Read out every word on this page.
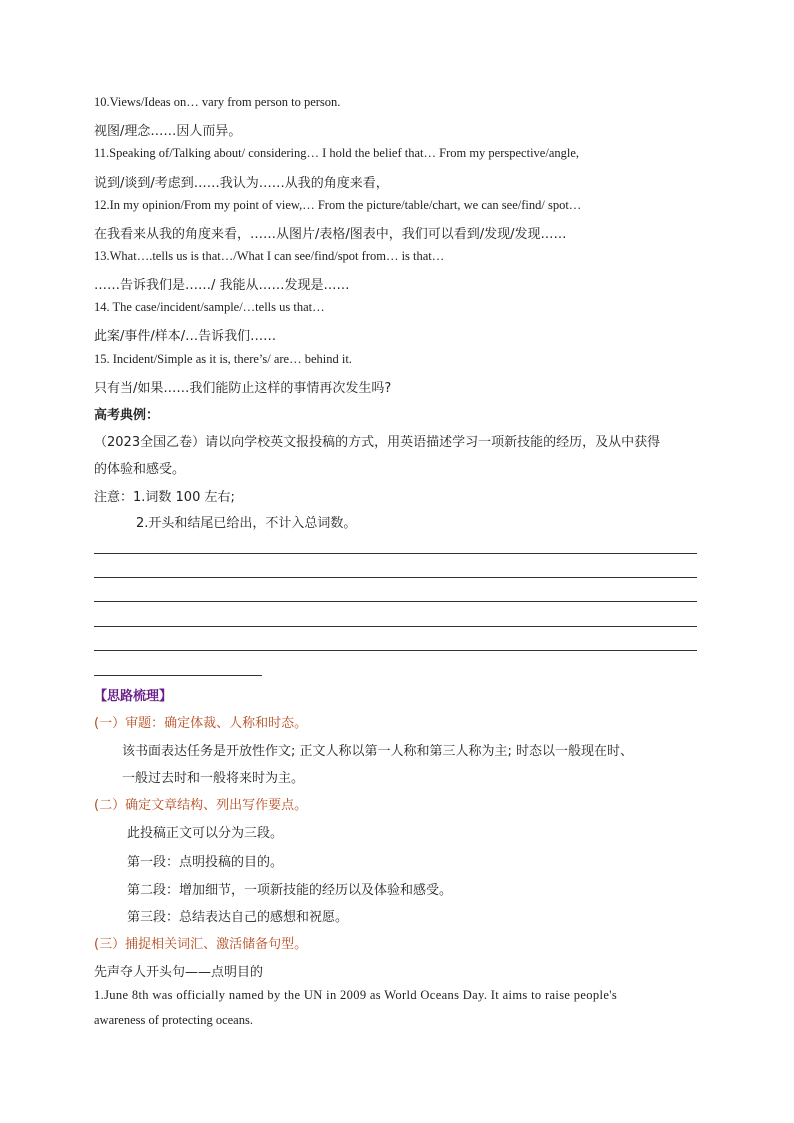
10.Views/Ideas on… vary from person to person.
视图/理念……因人而异。
11.Speaking of/Talking about/ considering… I hold the belief that… From my perspective/angle,
说到/谈到/考虑到……我认为……从我的角度来看，
12.In my opinion/From my point of view,… From the picture/table/chart, we can see/find/ spot…
在我看来从我的角度来看，……从图片/表格/图表中，我们可以看到/发现/发现……
13.What….tells us is that…/What I can see/find/spot from… is that…
……告诉我们是……/ 我能从……发现是……
14. The case/incident/sample/…tells us that…
此案/事件/样本/…告诉我们……
15. Incident/Simple as it is, there’s/ are… behind it.
只有当/如果……我们能防止这样的事情再次发生吗?
高考典例：
（2023全国乙卷）请以向学校英文报投稿的方式，用英语描述学习一项新技能的经历，及从中获得
的体验和感受。
注意：1.词数 100 左右;
2.开头和结尾已给出，不计入总词数。
【思路梳理】
(一）审题：确定体裁、人称和时态。
该书面表达任务是开放性作文; 正文人称以第一人称和第三人称为主; 时态以一般现在时、
一般过去时和一般将来时为主。
(二）确定文章结构、列出写作要点。
此投稿正文可以分为三段。
第一段：点明投稿的目的。
第二段：增加细节，一项新技能的经历以及体验和感受。
第三段：总结表达自己的感想和祝愿。
(三）捕捉相关词汇、激活储备句型。
先声夺人开头句——点明目的
1.June 8th was officially named by the UN in 2009 as World Oceans Day. It aims to raise people's
awareness of protecting oceans.
